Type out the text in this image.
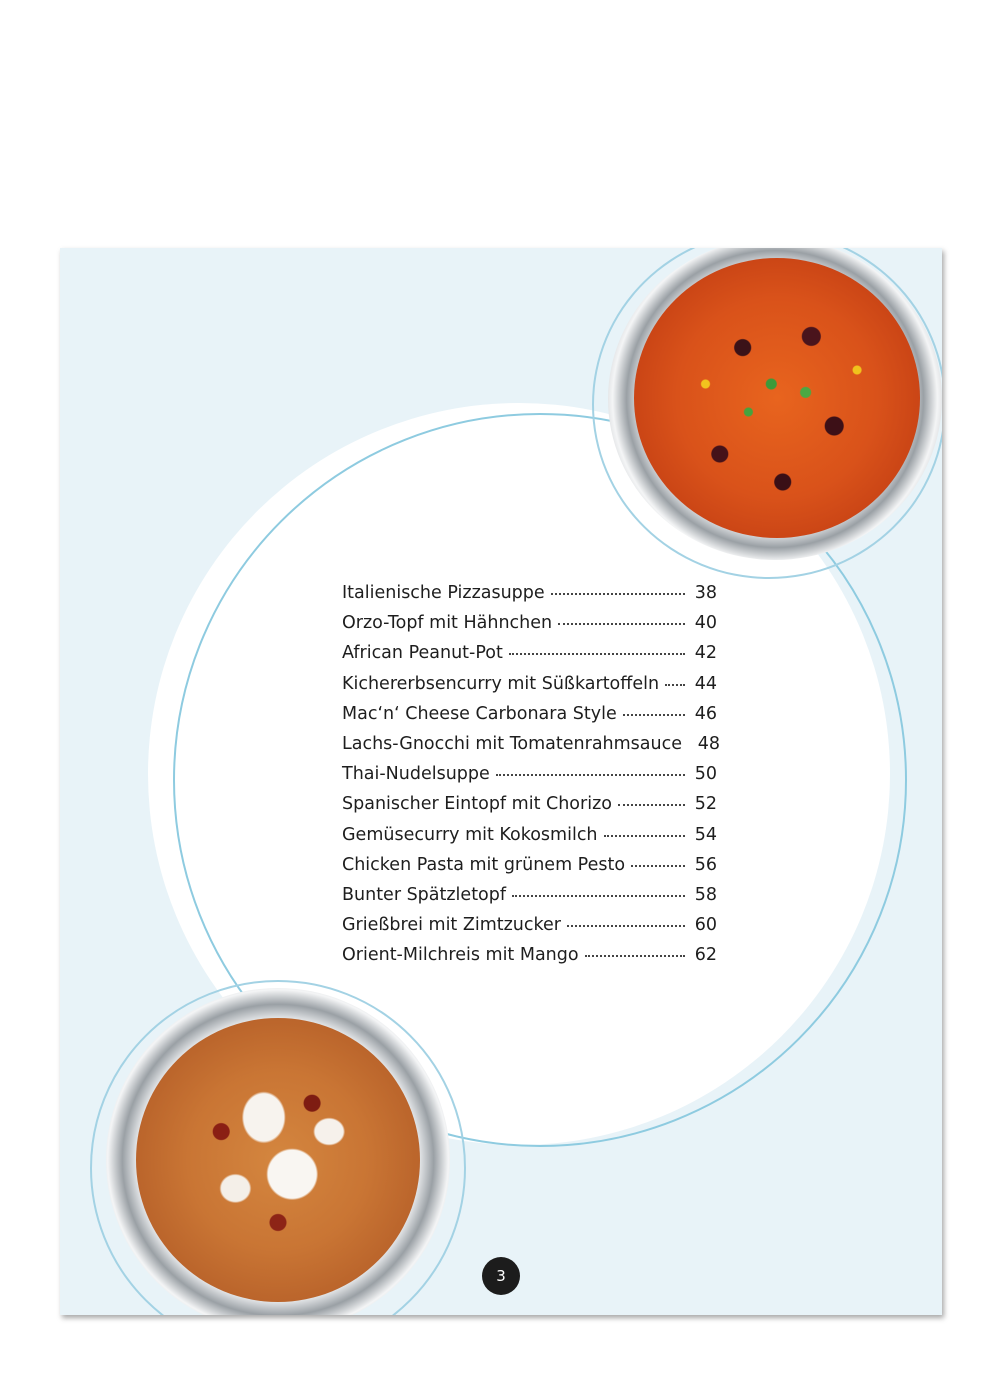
Italienische Pizzasuppe	38
Orzo-Topf mit Hähnchen	40
African Peanut-Pot	42
Kichererbsencurry mit Süßkartoffeln 44
Mac‘n‘ Cheese Carbonara Style	46
Lachs-Gnocchi mit Tomatenrahmsauce 48
Thai-Nudelsuppe	50
Spanischer Eintopf mit Chorizo	52
Gemüsecurry mit Kokosmilch	54
Chicken Pasta mit grünem Pesto	56
Bunter Spätzletopf	58
Grießbrei mit Zimtzucker	60
Orient-Milchreis mit Mango	62
3
